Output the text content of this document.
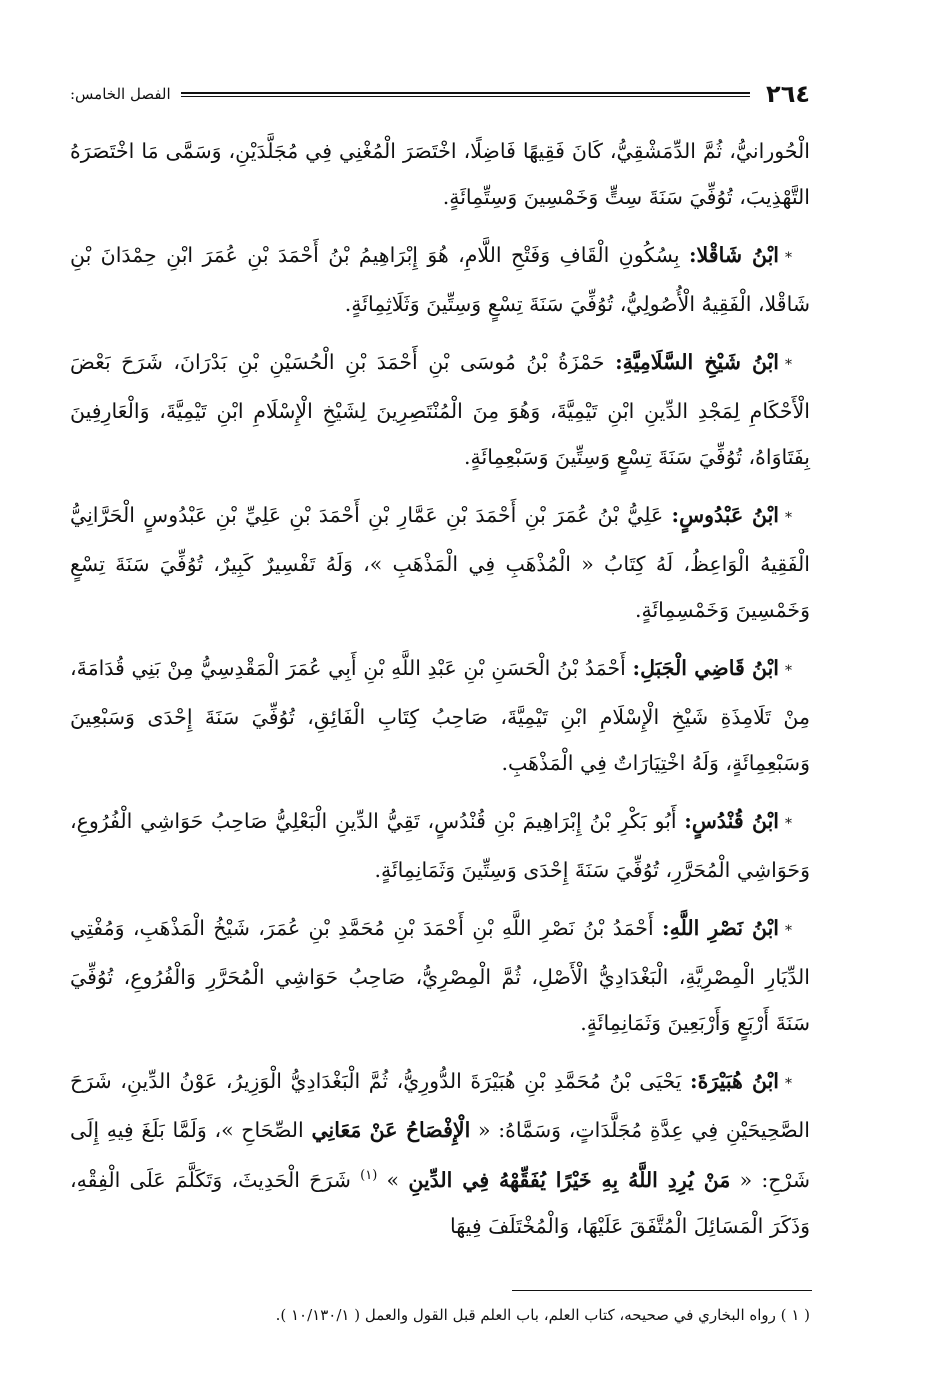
٢٦٤
الفصل الخامس:

الْحُورانيُّ، ثُمَّ الدِّمَشْقِيُّ، كَانَ فَقِيهًا فَاضِلًا، اخْتَصَرَ الْمُغْنِي فِي مُجَلَّدَيْنِ، وَسَمَّى مَا اخْتَصَرَهُ التَّهْذِيبَ، تُوُفِّيَ سَنَةَ سِتٍّ وَخَمْسِينَ وَسِتِّمِائَةٍ.

*ابْنُ شَاقْلا: بِسُكُونِ الْقَافِ وَفَتْحِ اللَّامِ، هُوَ إِبْرَاهِيمُ بْنُ أَحْمَدَ بْنِ عُمَرَ ابْنِ حِمْدَانَ بْنِ شَاقْلا، الْفَقِيهُ الْأُصُولِيُّ، تُوُفِّيَ سَنَةَ تِسْعٍ وَسِتِّينَ وَثَلَاثِمِائَةٍ.

*ابْنُ شَيْخِ السَّلَامِيَّةِ: حَمْزَةُ بْنُ مُوسَى بْنِ أَحْمَدَ بْنِ الْحُسَيْنِ بْنِ بَدْرَانَ، شَرَحَ بَعْضَ الْأَحْكَامِ لِمَجْدِ الدِّينِ ابْنِ تَيْمِيَّةَ، وَهُوَ مِنَ الْمُنْتَصِرِينَ لِشَيْخِ الْإِسْلَامِ ابْنِ تَيْمِيَّةَ، وَالْعَارِفِينَ بِفَتَاوَاهُ، تُوُفِّيَ سَنَةَ تِسْعٍ وَسِتِّينَ وَسَبْعِمِائَةٍ.

*ابْنُ عَبْدُوسٍ: عَلِيُّ بْنُ عُمَرَ بْنِ أَحْمَدَ بْنِ عَمَّارِ بْنِ أَحْمَدَ بْنِ عَلِيِّ بْنِ عَبْدُوسٍ الْحَرَّانِيُّ الْفَقِيهُ الْوَاعِظُ، لَهُ كِتَابُ « الْمُذْهَبِ فِي الْمَذْهَبِ »، وَلَهُ تَفْسِيرٌ كَبِيرٌ، تُوُفِّيَ سَنَةَ تِسْعٍ وَخَمْسِينَ وَخَمْسِمِائَةٍ.

*ابْنُ قَاضِي الْجَبَلِ: أَحْمَدُ بْنُ الْحَسَنِ بْنِ عَبْدِ اللَّهِ بْنِ أَبِي عُمَرَ الْمَقْدِسِيُّ مِنْ بَنِي قُدَامَةَ، مِنْ تَلَامِذَةِ شَيْخِ الْإِسْلَامِ ابْنِ تَيْمِيَّةَ، صَاحِبُ كِتَابِ الْفَائِقِ، تُوُفِّيَ سَنَةَ إِحْدَى وَسَبْعِينَ وَسَبْعِمِائَةٍ، وَلَهُ اخْتِيَارَاتٌ فِي الْمَذْهَبِ.

*ابْنُ قُنْدُسٍ: أَبُو بَكْرِ بْنُ إِبْرَاهِيمَ بْنِ قُنْدُسٍ، تَقِيُّ الدِّينِ الْبَعْلِيُّ صَاحِبُ حَوَاشِي الْفُرُوعِ، وَحَوَاشِي الْمُحَرَّرِ، تُوُفِّيَ سَنَةَ إِحْدَى وَسِتِّينَ وَثَمَانِمِائَةٍ.

*ابْنُ نَصْرِ اللَّهِ: أَحْمَدُ بْنُ نَصْرِ اللَّهِ بْنِ أَحْمَدَ بْنِ مُحَمَّدِ بْنِ عُمَرَ، شَيْخُ الْمَذْهَبِ، وَمُفْتِي الدِّيَارِ الْمِصْرِيَّةِ، الْبَغْدَادِيُّ الْأَصْلِ، ثُمَّ الْمِصْرِيُّ، صَاحِبُ حَوَاشِي الْمُحَرَّرِ وَالْفُرُوعِ، تُوُفِّيَ سَنَةَ أَرْبَعٍ وَأَرْبَعِينَ وَثَمَانِمِائَةٍ.

*ابْنُ هُبَيْرَةَ: يَحْيَى بْنُ مُحَمَّدِ بْنِ هُبَيْرَةَ الدُّورِيُّ، ثُمَّ الْبَغْدَادِيُّ الْوَزِيرُ، عَوْنُ الدِّينِ، شَرَحَ الصَّحِيحَيْنِ فِي عِدَّةِ مُجَلَّدَاتٍ، وَسَمَّاهُ: « الْإِفْصَاحُ عَنْ مَعَانِي الصِّحَاحِ »، وَلَمَّا بَلَغَ فِيهِ إِلَى شَرْحِ: « مَنْ يُرِدِ اللَّهُ بِهِ خَيْرًا يُفَقِّهْهُ فِي الدِّينِ » $^{(١)}$ شَرَحَ الْحَدِيثَ، وَتَكَلَّمَ عَلَى الْفِقْهِ، وَذَكَرَ الْمَسَائِلَ الْمُتَّفَقَ عَلَيْهَا، وَالْمُخْتَلَفَ فِيهَا

( ١ ) رواه البخاري في صحيحه، كتاب العلم، باب العلم قبل القول والعمل ( ١٠/١٣٠/١ ).
